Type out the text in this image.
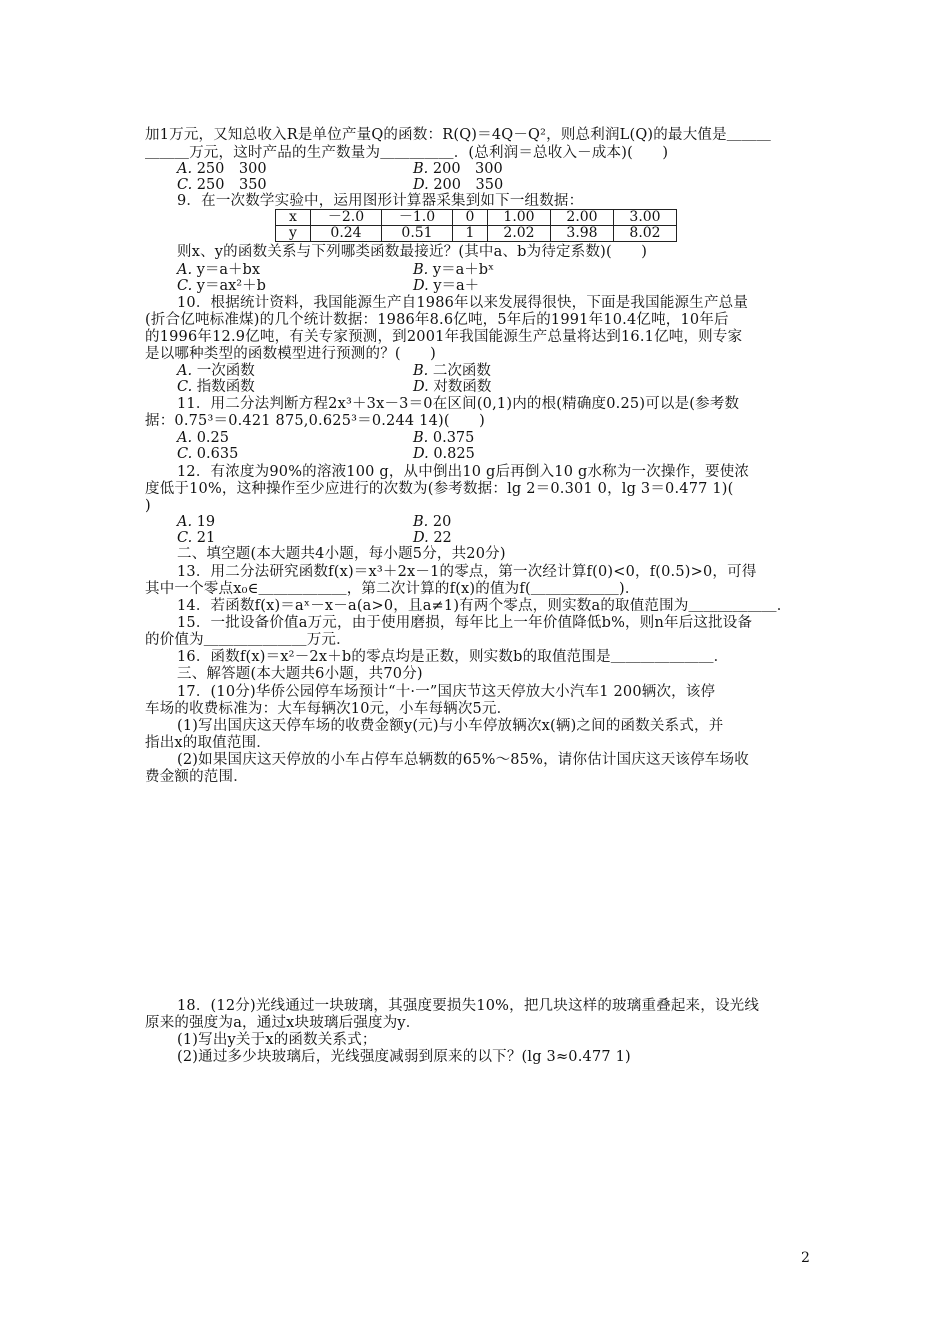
加1万元，又知总收入R是单位产量Q的函数：R(Q)＝4Q－Q²，则总利润L(Q)的最大值是＿＿＿
＿＿＿万元，这时产品的生产数量为＿＿＿＿＿．(总利润＝总收入－成本)(　　)
A. 250　300	B. 200　300
C. 250　350	D. 200　350
9．在一次数学实验中，运用图形计算器采集到如下一组数据：
x	－2.0	－1.0	0	1.00	2.00	3.00
y	0.24	0.51	1	2.02	3.98	8.02
则x、y的函数关系与下列哪类函数最接近？(其中a、b为待定系数)(　　)
A. y＝a＋bx	B. y＝a＋bˣ
C. y＝ax²＋b	D. y＝a＋
10．根据统计资料，我国能源生产自1986年以来发展得很快，下面是我国能源生产总量
(折合亿吨标准煤)的几个统计数据：1986年8.6亿吨，5年后的1991年10.4亿吨，10年后
的1996年12.9亿吨，有关专家预测，到2001年我国能源生产总量将达到16.1亿吨，则专家
是以哪种类型的函数模型进行预测的？(　　)
A. 一次函数	B. 二次函数
C. 指数函数	D. 对数函数
11．用二分法判断方程2x³＋3x－3＝0在区间(0,1)内的根(精确度0.25)可以是(参考数
据：0.75³＝0.421 875,0.625³＝0.244 14)(　　)
A. 0.25	B. 0.375
C. 0.635	D. 0.825
12．有浓度为90%的溶液100 g，从中倒出10 g后再倒入10 g水称为一次操作，要使浓
度低于10%，这种操作至少应进行的次数为(参考数据：lg 2＝0.301 0，lg 3＝0.477 1)(
)
A. 19	B. 20
C. 21	D. 22
二、填空题(本大题共4小题，每小题5分，共20分)
13．用二分法研究函数f(x)＝x³＋2x－1的零点，第一次经计算f(0)<0，f(0.5)>0，可得
其中一个零点x₀∈＿＿＿＿＿＿，第二次计算的f(x)的值为f(＿＿＿＿＿＿)．
14．若函数f(x)＝aˣ－x－a(a>0，且a≠1)有两个零点，则实数a的取值范围为＿＿＿＿＿＿．
15．一批设备价值a万元，由于使用磨损，每年比上一年价值降低b%，则n年后这批设备
的价值为＿＿＿＿＿＿＿万元．
16．函数f(x)＝x²－2x＋b的零点均是正数，则实数b的取值范围是＿＿＿＿＿＿＿．
三、解答题(本大题共6小题，共70分)
17．(10分)华侨公园停车场预计“十·一”国庆节这天停放大小汽车1 200辆次，该停
车场的收费标准为：大车每辆次10元，小车每辆次5元．
(1)写出国庆这天停车场的收费金额y(元)与小车停放辆次x(辆)之间的函数关系式，并
指出x的取值范围．
(2)如果国庆这天停放的小车占停车总辆数的65%～85%，请你估计国庆这天该停车场收
费金额的范围．
18．(12分)光线通过一块玻璃，其强度要损失10%，把几块这样的玻璃重叠起来，设光线
原来的强度为a，通过x块玻璃后强度为y．
(1)写出y关于x的函数关系式；
(2)通过多少块玻璃后，光线强度减弱到原来的以下？(lg 3≈0.477 1)
2
